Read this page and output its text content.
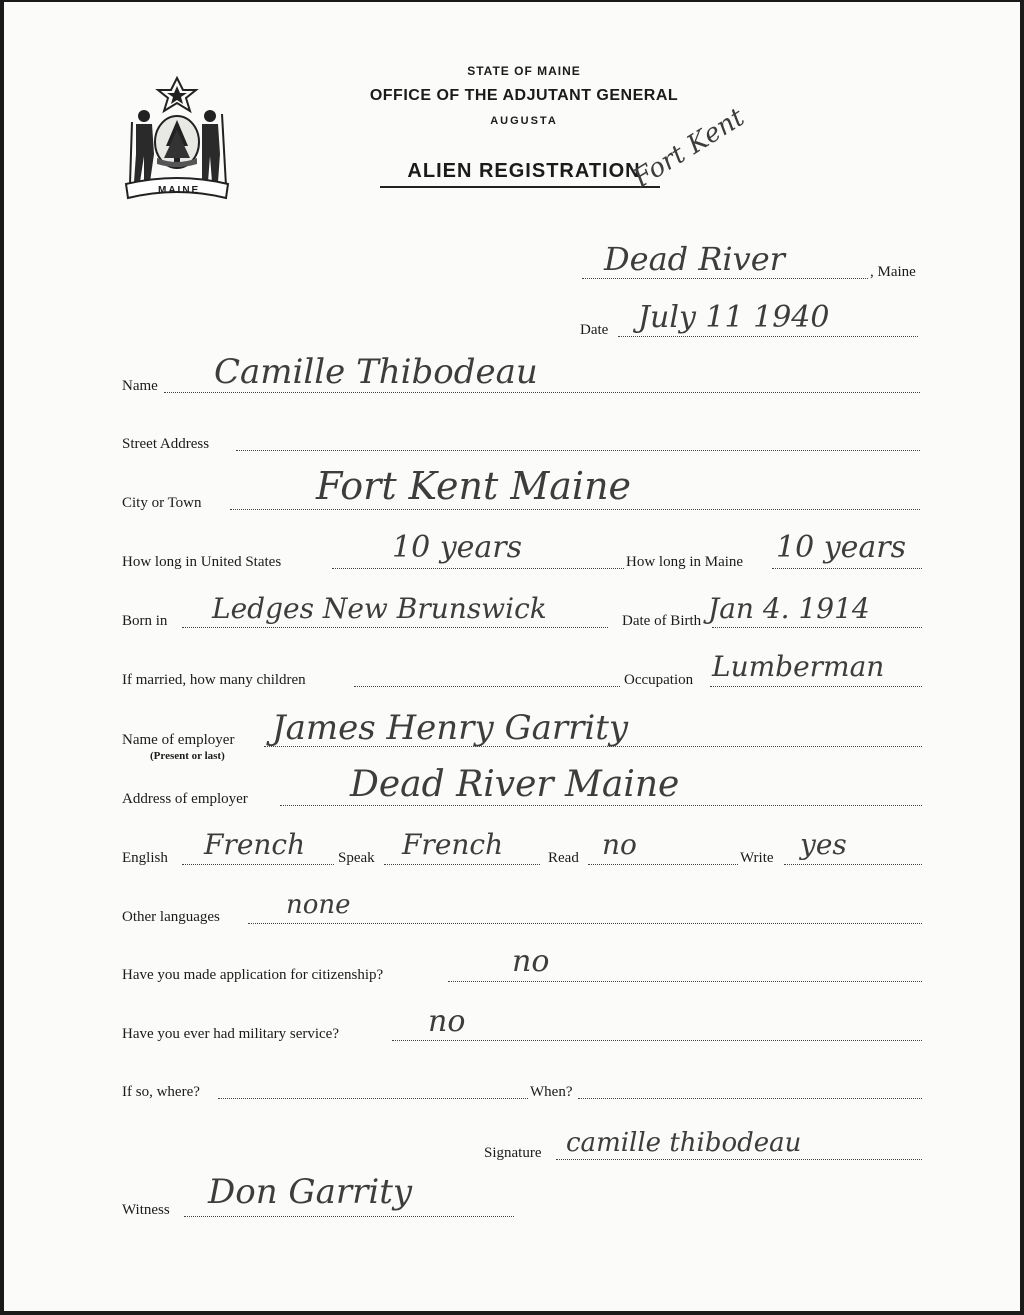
MAINE
STATE OF MAINE
OFFICE OF THE ADJUTANT GENERAL
AUGUSTA
ALIEN REGISTRATION
Fort Kent
Dead River	, Maine
Date July 11 1940
Name Camille Thibodeau
Street Address
City or Town	Fort Kent Maine
How long in United States	10 years	How long in Maine 10 years
Born in Ledges New Brunswick	Date of Birth Jan 4. 1914
If married, how many children	Occupation Lumberman
Name of employer
(Present or last)
James Henry Garrity
Address of employer	Dead River Maine
English French Speak French	Read no	Write yes
Other languages	none
Have you made application for citizenship?	no
Have you ever had military service?	no
If so, where?	When?
Signature camille thibodeau
Witness Don Garrity
